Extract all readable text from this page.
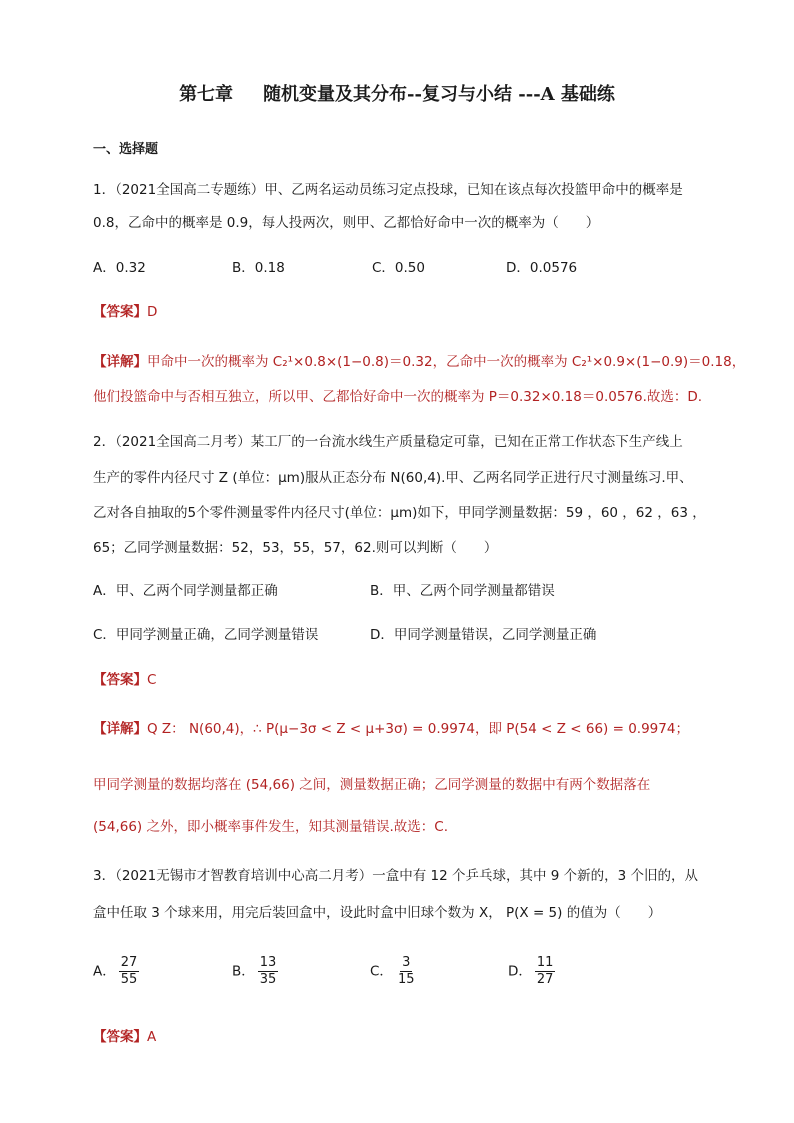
第七章 随机变量及其分布--复习与小结 ---A 基础练
一、选择题
1．（2021全国高二专题练）甲、乙两名运动员练习定点投球，已知在该点每次投篮甲命中的概率是
0.8，乙命中的概率是 0.9，每人投两次，则甲、乙都恰好命中一次的概率为（　　）
A．0.32	B．0.18	C．0.50	D．0.0576
【答案】D
【详解】甲命中一次的概率为 C₂¹×0.8×(1−0.8)＝0.32，乙命中一次的概率为 C₂¹×0.9×(1−0.9)＝0.18，
他们投篮命中与否相互独立，所以甲、乙都恰好命中一次的概率为 P＝0.32×0.18＝0.0576.故选：D.
2．（2021全国高二月考）某工厂的一台流水线生产质量稳定可靠，已知在正常工作状态下生产线上
生产的零件内径尺寸 Z (单位：μm)服从正态分布 N(60,4).甲、乙两名同学正进行尺寸测量练习.甲、
乙对各自抽取的5个零件测量零件内径尺寸(单位：μm)如下，甲同学测量数据：59 ，60 ，62 ，63 ，
65；乙同学测量数据：52，53，55，57，62.则可以判断（　　）
A．甲、乙两个同学测量都正确	B．甲、乙两个同学测量都错误
C．甲同学测量正确，乙同学测量错误	D．甲同学测量错误，乙同学测量正确
【答案】C
【详解】Q Z： N(60,4)，∴ P(μ−3σ < Z < μ+3σ) = 0.9974，即 P(54 < Z < 66) = 0.9974；
甲同学测量的数据均落在 (54,66) 之间，测量数据正确；乙同学测量的数据中有两个数据落在
(54,66) 之外，即小概率事件发生，知其测量错误.故选：C.
3．（2021无锡市才智教育培训中心高二月考）一盒中有 12 个乒乓球，其中 9 个新的，3 个旧的，从
盒中任取 3 个球来用，用完后装回盒中，设此时盒中旧球个数为 X， P(X = 5) 的值为（　　）
A． $\frac{27}{55}$	B． $\frac{13}{35}$	C． $\frac{3}{15}$	D． $\frac{11}{27}$
【答案】A
